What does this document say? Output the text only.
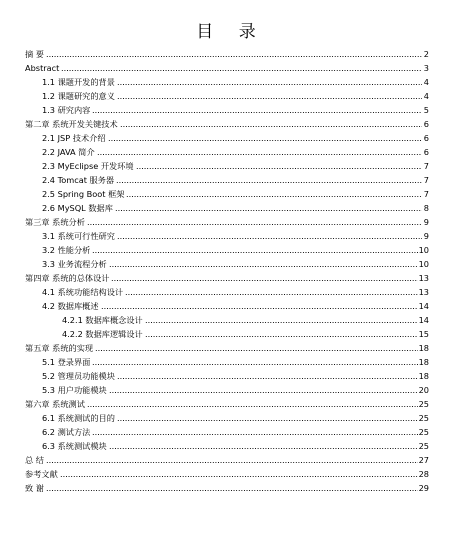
目 录
摘 要	2
Abstract	3
1.1 课题开发的背景	4
1.2 课题研究的意义	4
1.3 研究内容	5
第二章 系统开发关键技术	6
2.1 JSP 技术介绍	6
2.2 JAVA 简介	6
2.3 MyEclipse 开发环境	7
2.4 Tomcat 服务器	7
2.5 Spring Boot 框架	7
2.6 MySQL 数据库	8
第三章 系统分析	9
3.1 系统可行性研究	9
3.2 性能分析	10
3.3 业务流程分析	10
第四章 系统的总体设计	13
4.1 系统功能结构设计	13
4.2 数据库概述	14
4.2.1 数据库概念设计	14
4.2.2 数据库逻辑设计	15
第五章 系统的实现	18
5.1 登录界面	18
5.2 管理员功能模块	18
5.3 用户功能模块	20
第六章 系统测试	25
6.1 系统测试的目的	25
6.2 测试方法	25
6.3 系统测试模块	25
总 结	27
参考文献	28
致 谢	29
